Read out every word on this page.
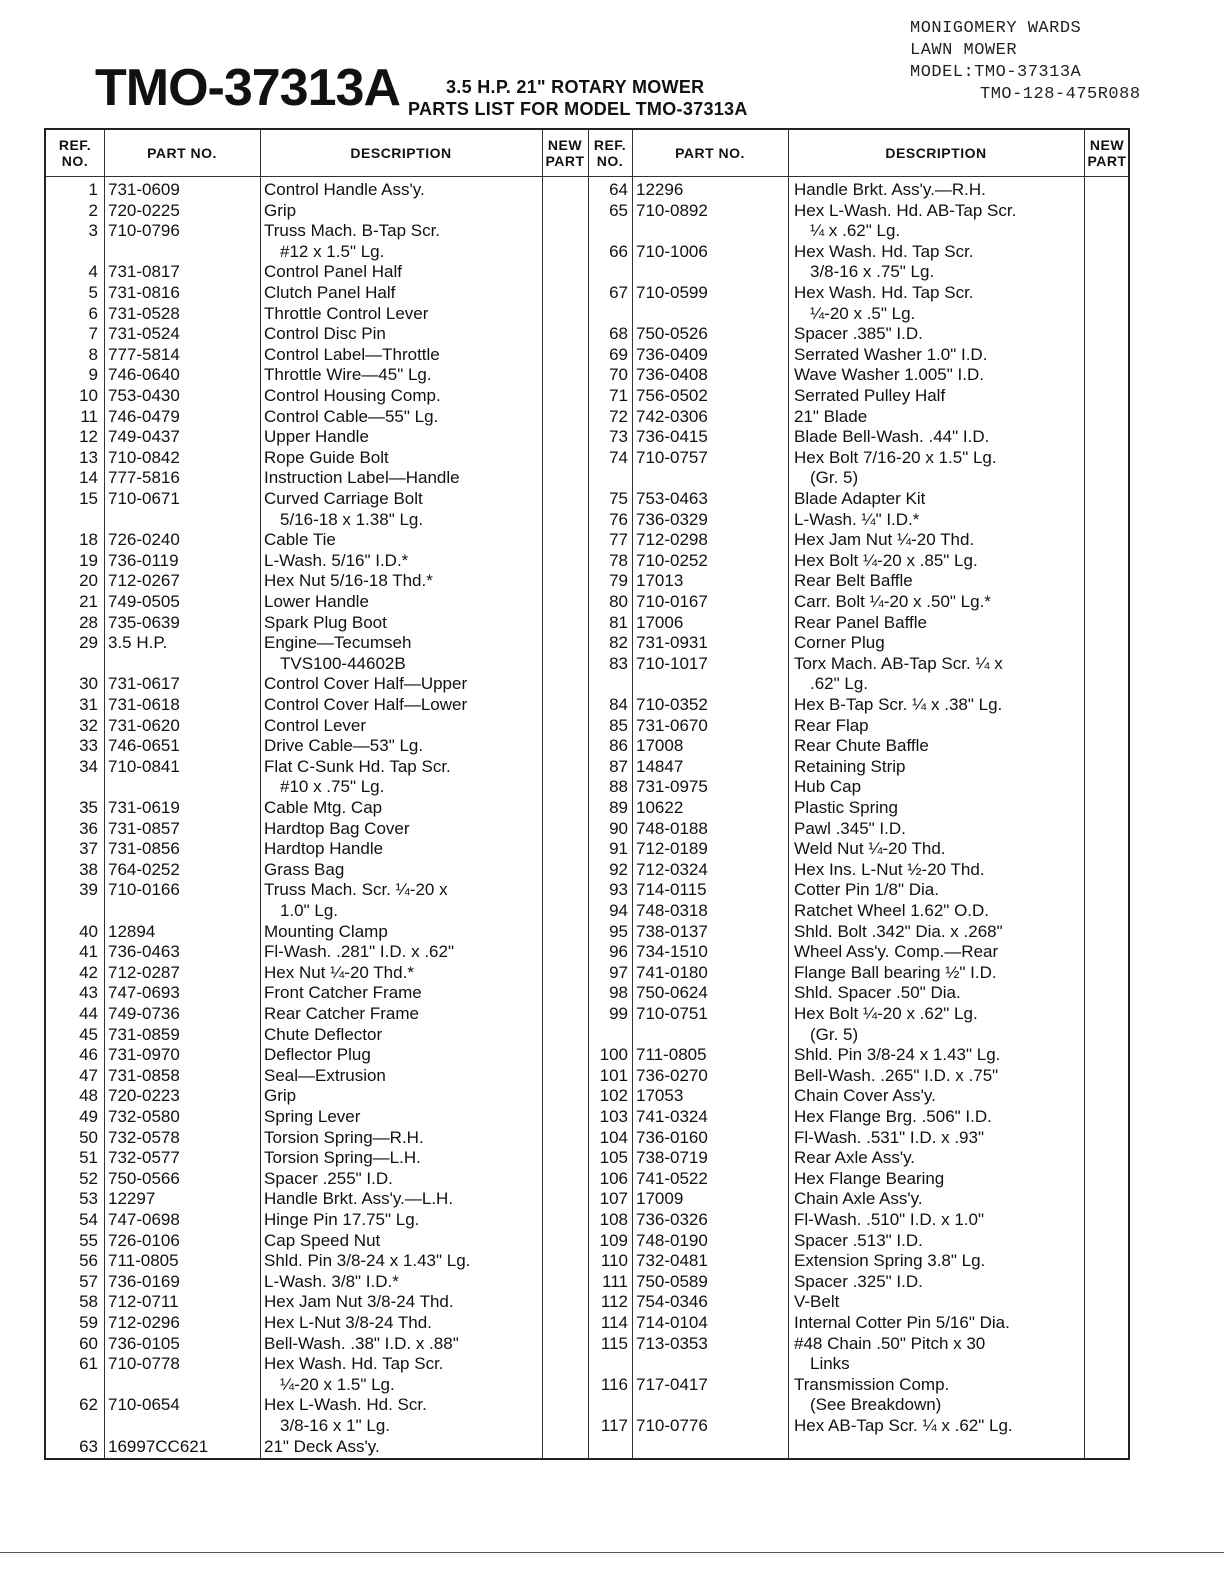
MONIGOMERY WARDS
LAWN MOWER
MODEL:TMO-37313A
TMO-128-475R088
TMO-37313A	3.5 H.P. 21" ROTARY MOWER
PARTS LIST FOR MODEL TMO-37313A
REF. NO.	PART NO.	DESCRIPTION	NEW PART
REF. NO.	PART NO.	DESCRIPTION	NEW PART
1 731-0609	Control Handle Ass'y.
2 720-0225	Grip
3 710-0796	Truss Mach. B-Tap Scr.
#12 x 1.5" Lg.
4 731-0817	Control Panel Half
5 731-0816	Clutch Panel Half
6 731-0528	Throttle Control Lever
7 731-0524	Control Disc Pin
8 777-5814	Control Label—Throttle
9 746-0640	Throttle Wire—45" Lg.
10 753-0430	Control Housing Comp.
11 746-0479	Control Cable—55" Lg.
12 749-0437	Upper Handle
13 710-0842	Rope Guide Bolt
14 777-5816	Instruction Label—Handle
15 710-0671	Curved Carriage Bolt
5/16-18 x 1.38" Lg.
18 726-0240	Cable Tie
19 736-0119	L-Wash. 5/16" I.D.*
20 712-0267	Hex Nut 5/16-18 Thd.*
21 749-0505	Lower Handle
28 735-0639	Spark Plug Boot
29 3.5 H.P.	Engine—Tecumseh
TVS100-44602B
30 731-0617	Control Cover Half—Upper
31 731-0618	Control Cover Half—Lower
32 731-0620	Control Lever
33 746-0651	Drive Cable—53" Lg.
34 710-0841	Flat C-Sunk Hd. Tap Scr.
#10 x .75" Lg.
35 731-0619	Cable Mtg. Cap
36 731-0857	Hardtop Bag Cover
37 731-0856	Hardtop Handle
38 764-0252	Grass Bag
39 710-0166	Truss Mach. Scr. ¼-20 x
1.0" Lg.
40 12894	Mounting Clamp
41 736-0463	Fl-Wash. .281" I.D. x .62"
42 712-0287	Hex Nut ¼-20 Thd.*
43 747-0693	Front Catcher Frame
44 749-0736	Rear Catcher Frame
45 731-0859	Chute Deflector
46 731-0970	Deflector Plug
47 731-0858	Seal—Extrusion
48 720-0223	Grip
49 732-0580	Spring Lever
50 732-0578	Torsion Spring—R.H.
51 732-0577	Torsion Spring—L.H.
52 750-0566	Spacer .255" I.D.
53 12297	Handle Brkt. Ass'y.—L.H.
54 747-0698	Hinge Pin 17.75" Lg.
55 726-0106	Cap Speed Nut
56 711-0805	Shld. Pin 3/8-24 x 1.43" Lg.
57 736-0169	L-Wash. 3/8" I.D.*
58 712-0711	Hex Jam Nut 3/8-24 Thd.
59 712-0296	Hex L-Nut 3/8-24 Thd.
60 736-0105	Bell-Wash. .38" I.D. x .88"
61 710-0778	Hex Wash. Hd. Tap Scr.
¼-20 x 1.5" Lg.
62 710-0654	Hex L-Wash. Hd. Scr.
3/8-16 x 1" Lg.
63 16997CC621	21" Deck Ass'y.
64 12296	Handle Brkt. Ass'y.—R.H.
65 710-0892	Hex L-Wash. Hd. AB-Tap Scr.
¼ x .62" Lg.
66 710-1006	Hex Wash. Hd. Tap Scr.
3/8-16 x .75" Lg.
67 710-0599	Hex Wash. Hd. Tap Scr.
¼-20 x .5" Lg.
68 750-0526	Spacer .385" I.D.
69 736-0409	Serrated Washer 1.0" I.D.
70 736-0408	Wave Washer 1.005" I.D.
71 756-0502	Serrated Pulley Half
72 742-0306	21" Blade
73 736-0415	Blade Bell-Wash. .44" I.D.
74 710-0757	Hex Bolt 7/16-20 x 1.5" Lg.
(Gr. 5)
75 753-0463	Blade Adapter Kit
76 736-0329	L-Wash. ¼" I.D.*
77 712-0298	Hex Jam Nut ¼-20 Thd.
78 710-0252	Hex Bolt ¼-20 x .85" Lg.
79 17013	Rear Belt Baffle
80 710-0167	Carr. Bolt ¼-20 x .50" Lg.*
81 17006	Rear Panel Baffle
82 731-0931	Corner Plug
83 710-1017	Torx Mach. AB-Tap Scr. ¼ x
.62" Lg.
84 710-0352	Hex B-Tap Scr. ¼ x .38" Lg.
85 731-0670	Rear Flap
86 17008	Rear Chute Baffle
87 14847	Retaining Strip
88 731-0975	Hub Cap
89 10622	Plastic Spring
90 748-0188	Pawl .345" I.D.
91 712-0189	Weld Nut ¼-20 Thd.
92 712-0324	Hex Ins. L-Nut ½-20 Thd.
93 714-0115	Cotter Pin 1/8" Dia.
94 748-0318	Ratchet Wheel 1.62" O.D.
95 738-0137	Shld. Bolt .342" Dia. x .268"
96 734-1510	Wheel Ass'y. Comp.—Rear
97 741-0180	Flange Ball bearing ½" I.D.
98 750-0624	Shld. Spacer .50" Dia.
99 710-0751	Hex Bolt ¼-20 x .62" Lg.
(Gr. 5)
100 711-0805	Shld. Pin 3/8-24 x 1.43" Lg.
101 736-0270	Bell-Wash. .265" I.D. x .75"
102 17053	Chain Cover Ass'y.
103 741-0324	Hex Flange Brg. .506" I.D.
104 736-0160	Fl-Wash. .531" I.D. x .93"
105 738-0719	Rear Axle Ass'y.
106 741-0522	Hex Flange Bearing
107 17009	Chain Axle Ass'y.
108 736-0326	Fl-Wash. .510" I.D. x 1.0"
109 748-0190	Spacer .513" I.D.
110 732-0481	Extension Spring 3.8" Lg.
111 750-0589	Spacer .325" I.D.
112 754-0346	V-Belt
114 714-0104	Internal Cotter Pin 5/16" Dia.
115 713-0353	#48 Chain .50" Pitch x 30
Links
116 717-0417	Transmission Comp.
(See Breakdown)
117 710-0776	Hex AB-Tap Scr. ¼ x .62" Lg.
